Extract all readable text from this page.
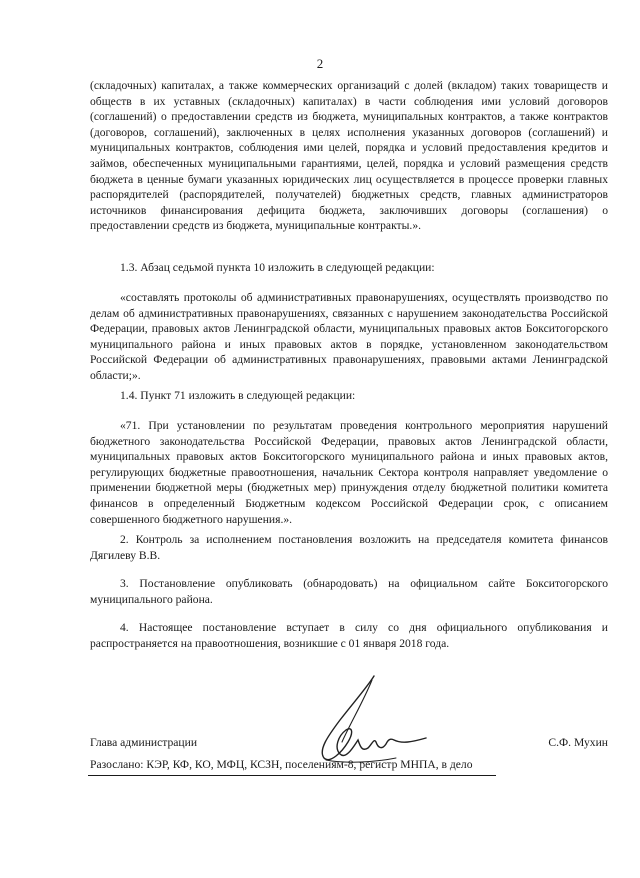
2

(складочных) капиталах, а также коммерческих организаций с долей (вкладом) таких товариществ и обществ в их уставных (складочных) капиталах) в части соблюдения ими условий договоров (соглашений) о предоставлении средств из бюджета, муниципальных контрактов, а также контрактов (договоров, соглашений), заключенных в целях исполнения указанных договоров (соглашений) и муниципальных контрактов, соблюдения ими целей, порядка и условий предоставления кредитов и займов, обеспеченных муниципальными гарантиями, целей, порядка и условий размещения средств бюджета в ценные бумаги указанных юридических лиц осуществляется в процессе проверки главных распорядителей (распорядителей, получателей) бюджетных средств, главных администраторов источников финансирования дефицита бюджета, заключивших договоры (соглашения) о предоставлении средств из бюджета, муниципальные контракты.».

1.3. Абзац седьмой пункта 10 изложить в следующей редакции:

«составлять протоколы об административных правонарушениях, осуществлять производство по делам об административных правонарушениях, связанных с нарушением законодательства Российской Федерации, правовых актов Ленинградской области, муниципальных правовых актов Бокситогорского муниципального района и иных правовых актов в порядке, установленном законодательством Российской Федерации об административных правонарушениях, правовыми актами Ленинградской области;».

1.4. Пункт 71 изложить в следующей редакции:

«71. При установлении по результатам проведения контрольного мероприятия нарушений бюджетного законодательства Российской Федерации, правовых актов Ленинградской области, муниципальных правовых актов Бокситогорского муниципального района и иных правовых актов, регулирующих бюджетные правоотношения, начальник Сектора контроля направляет уведомление о применении бюджетной меры (бюджетных мер) принуждения отделу бюджетной политики комитета финансов в определенный Бюджетным кодексом Российской Федерации срок, с описанием совершенного бюджетного нарушения.».

2. Контроль за исполнением постановления возложить на председателя комитета финансов Дягилеву В.В.

3. Постановление опубликовать (обнародовать) на официальном сайте Бокситогорского муниципального района.

4. Настоящее постановление вступает в силу со дня официального опубликования и распространяется на правоотношения, возникшие с 01 января 2018 года.

Глава администрации	С.Ф. Мухин
Разослано: КЭР, КФ, КО, МФЦ, КСЗН, поселениям-8, регистр МНПА, в дело
